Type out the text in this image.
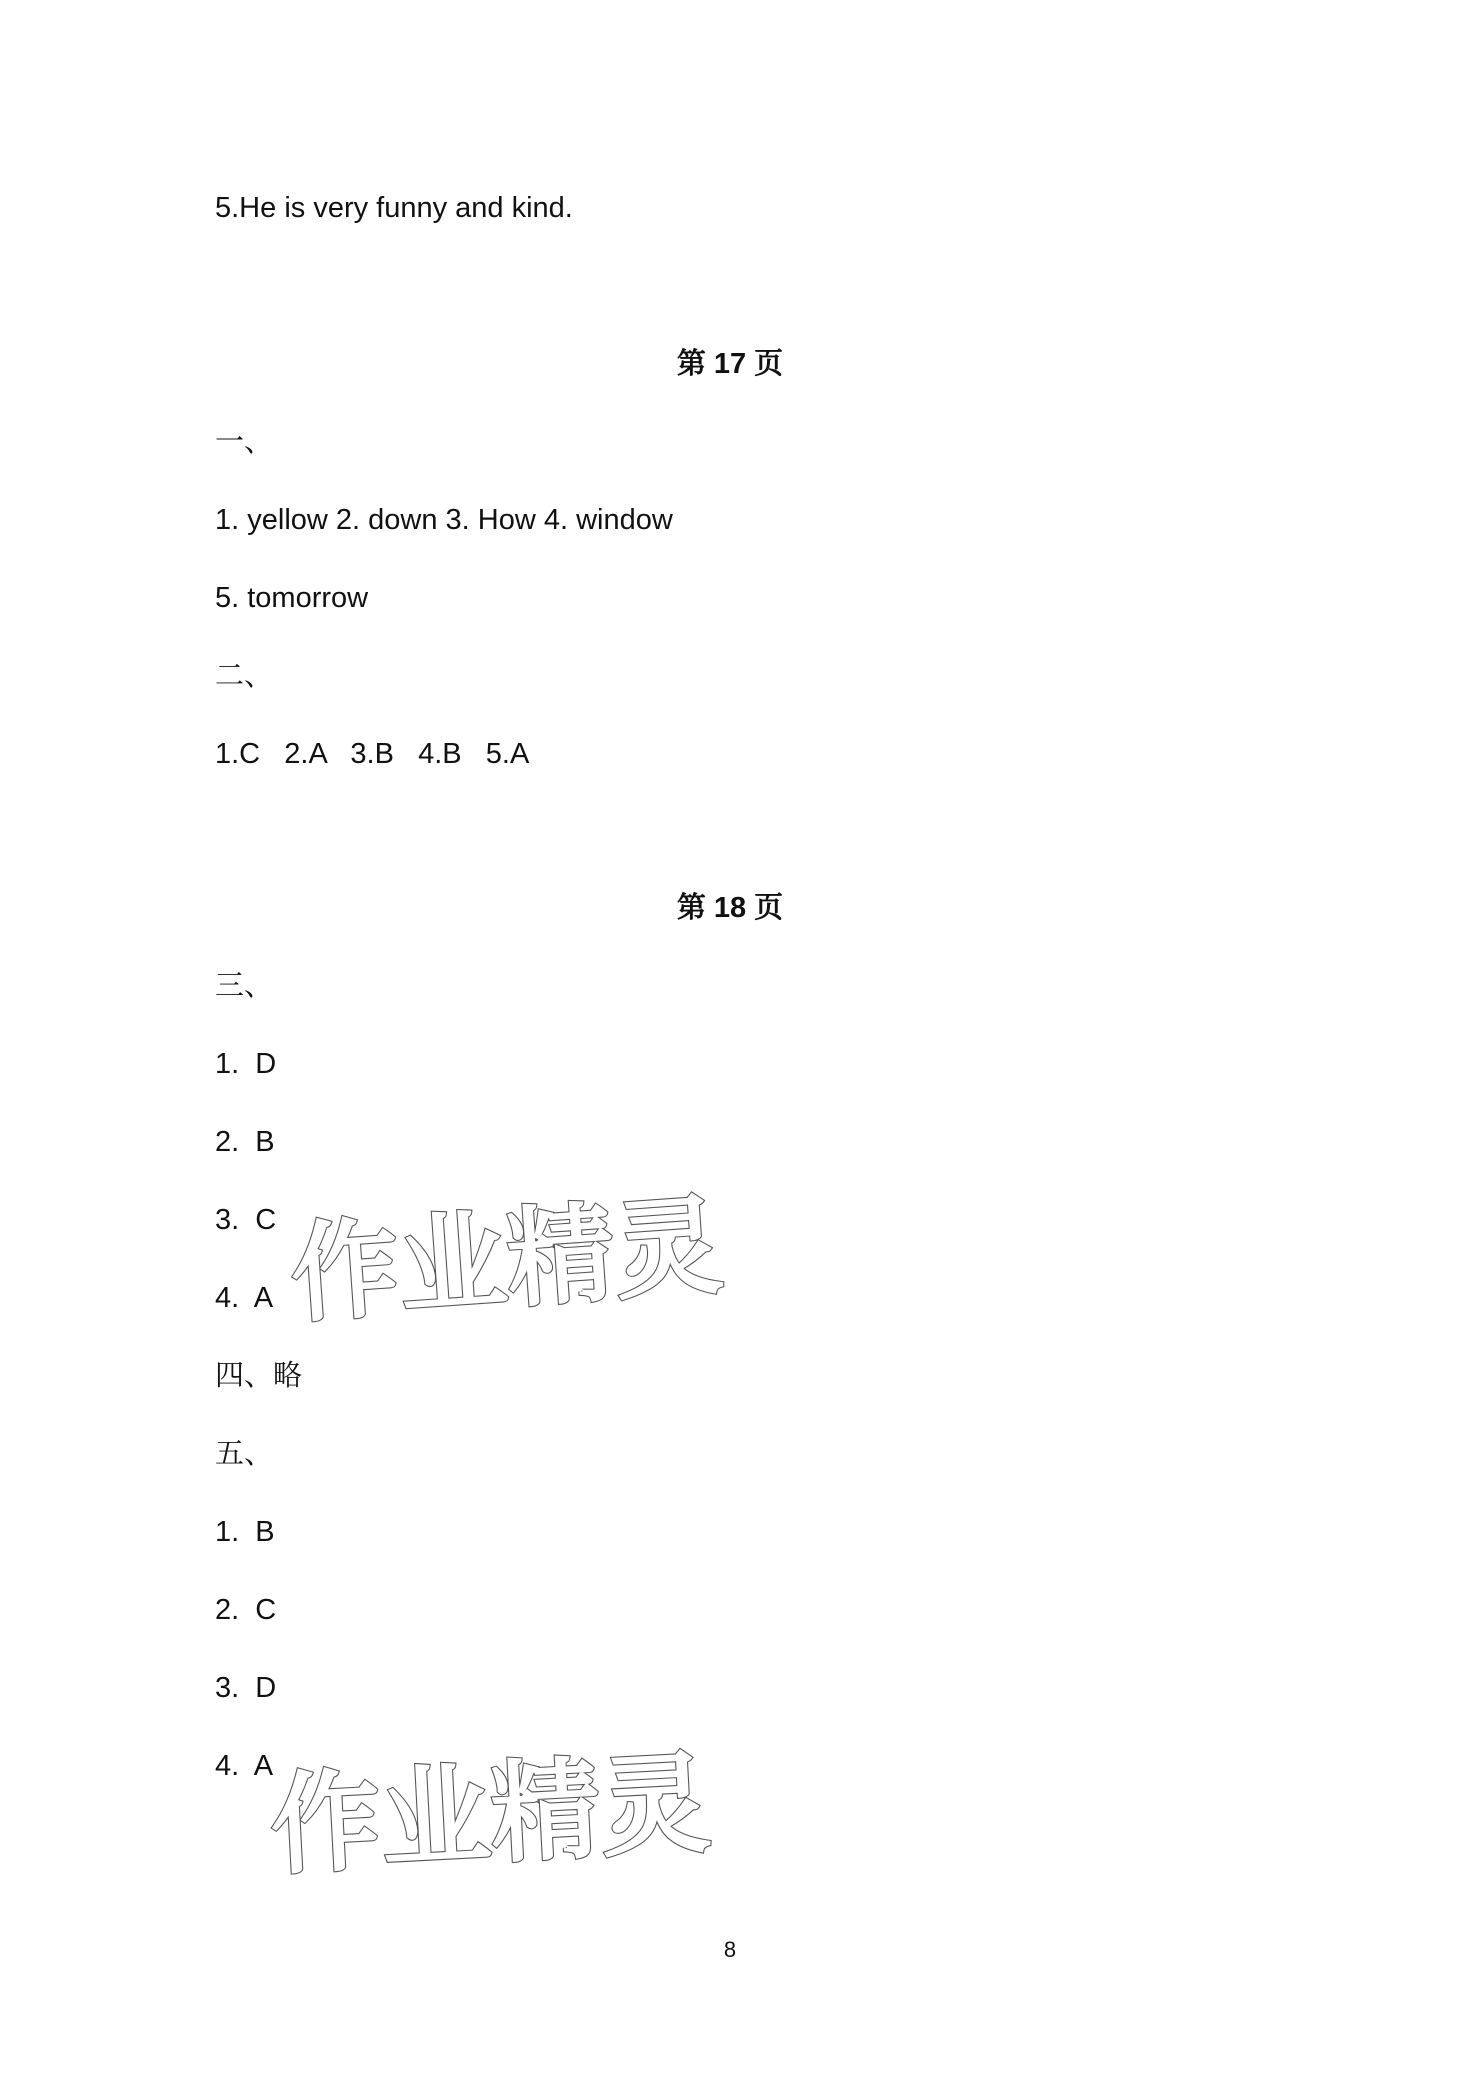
5.He is very funny and kind.
第 17 页
一、
1. yellow 2. down 3. How 4. window
5. tomorrow
二、
1.C   2.A   3.B   4.B   5.A
第 18 页
三、
1.  D
2.  B
3.  C
4.  A
四、略
五、
1.  B
2.  C
3.  D
4.  A
作业精灵
作业精灵
8
